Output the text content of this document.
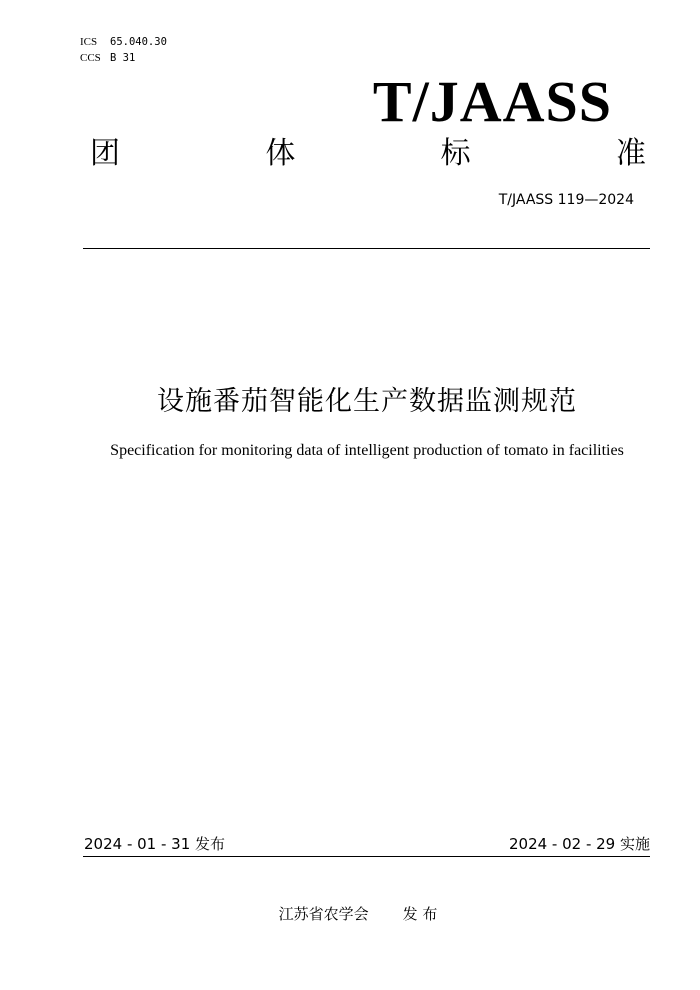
ICS 65.040.30
CCS B 31
T/JAASS
团	体	标	准
T/JAASS 119—2024
设施番茄智能化生产数据监测规范
Specification for monitoring data of intelligent production of tomato in facilities
2024 - 01 - 31 发布	2024 - 02 - 29 实施
江苏省农学会 发 布
